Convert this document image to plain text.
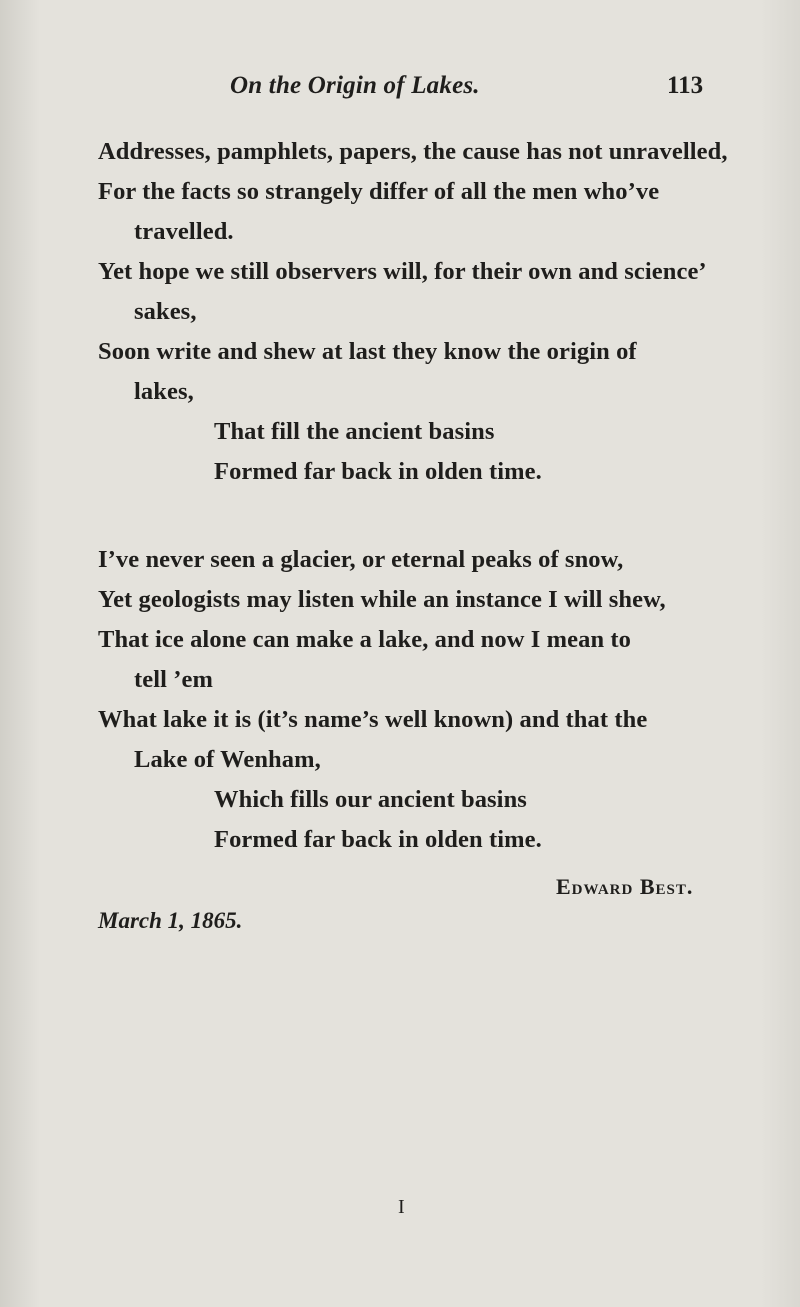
On the Origin of Lakes.	113
Addresses, pamphlets, papers, the cause has not unravelled,
For the facts so strangely differ of all the men who’ve
travelled.
Yet hope we still observers will, for their own and science’
sakes,
Soon write and shew at last they know the origin of
lakes,
That fill the ancient basins
Formed far back in olden time.
I’ve never seen a glacier, or eternal peaks of snow,
Yet geologists may listen while an instance I will shew,
That ice alone can make a lake, and now I mean to
tell ’em
What lake it is (it’s name’s well known) and that the
Lake of Wenham,
Which fills our ancient basins
Formed far back in olden time.
Edward Best.
March 1, 1865.
I
